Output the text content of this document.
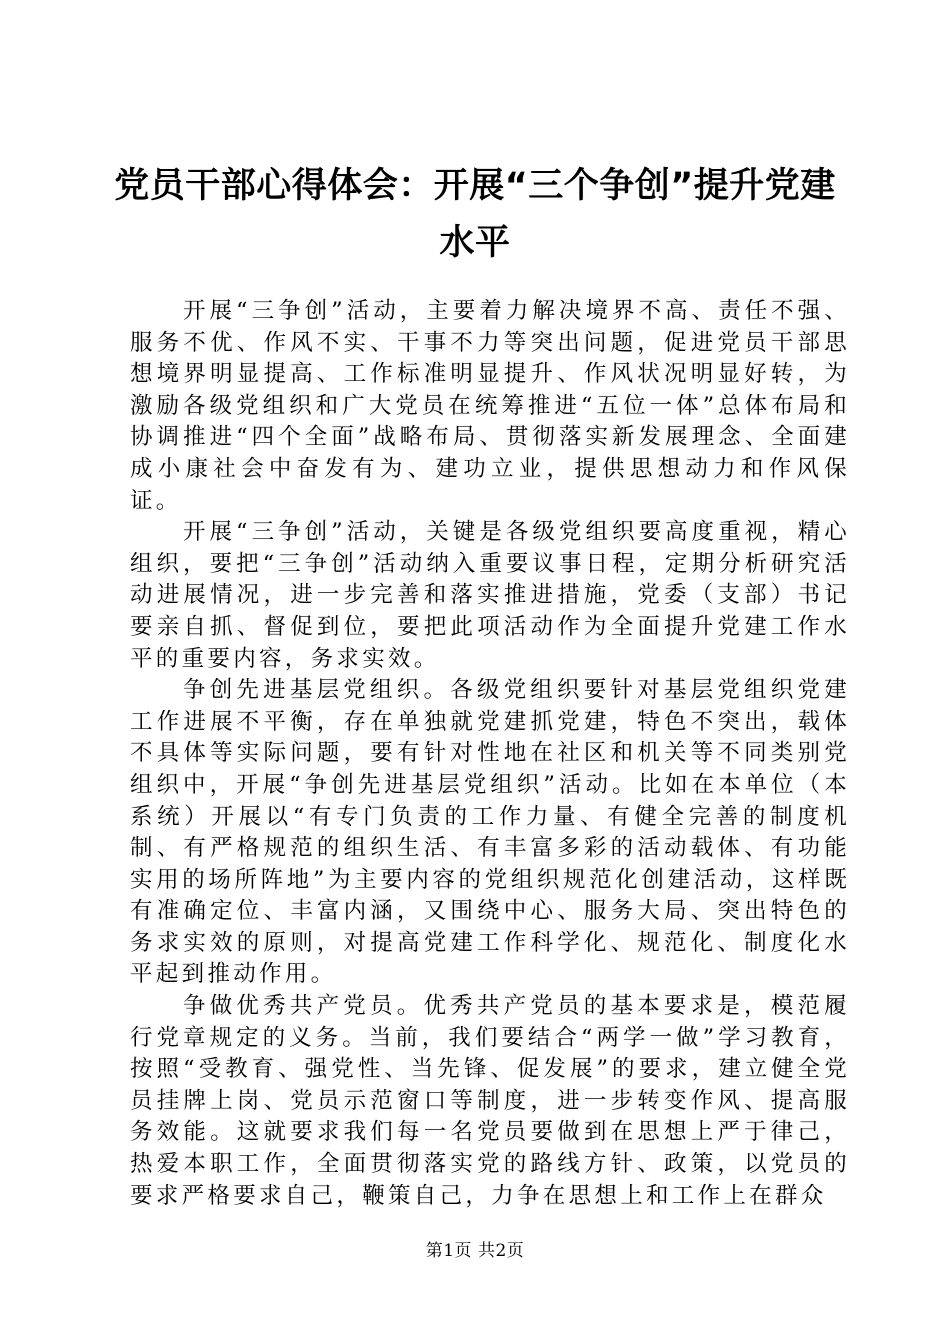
党员干部心得体会：开展“三个争创”提升党建水平

开展“三争创”活动，主要着力解决境界不高、责任不强、服务不优、作风不实、干事不力等突出问题，促进党员干部思想境界明显提高、工作标准明显提升、作风状况明显好转，为激励各级党组织和广大党员在统筹推进“五位一体”总体布局和协调推进“四个全面”战略布局、贯彻落实新发展理念、全面建成小康社会中奋发有为、建功立业，提供思想动力和作风保证。

开展“三争创”活动，关键是各级党组织要高度重视，精心组织，要把“三争创”活动纳入重要议事日程，定期分析研究活动进展情况，进一步完善和落实推进措施，党委（支部）书记要亲自抓、督促到位，要把此项活动作为全面提升党建工作水平的重要内容，务求实效。

争创先进基层党组织。各级党组织要针对基层党组织党建工作进展不平衡，存在单独就党建抓党建，特色不突出，载体不具体等实际问题，要有针对性地在社区和机关等不同类别党组织中，开展“争创先进基层党组织”活动。比如在本单位（本系统）开展以“有专门负责的工作力量、有健全完善的制度机制、有严格规范的组织生活、有丰富多彩的活动载体、有功能实用的场所阵地”为主要内容的党组织规范化创建活动，这样既有准确定位、丰富内涵，又围绕中心、服务大局、突出特色的务求实效的原则，对提高党建工作科学化、规范化、制度化水平起到推动作用。

争做优秀共产党员。优秀共产党员的基本要求是，模范履行党章规定的义务。当前，我们要结合“两学一做”学习教育，按照“受教育、强党性、当先锋、促发展”的要求，建立健全党员挂牌上岗、党员示范窗口等制度，进一步转变作风、提高服务效能。这就要求我们每一名党员要做到在思想上严于律己，热爱本职工作，全面贯彻落实党的路线方针、政策，以党员的要求严格要求自己，鞭策自己，力争在思想上和工作上在群众

第1页 共2页
